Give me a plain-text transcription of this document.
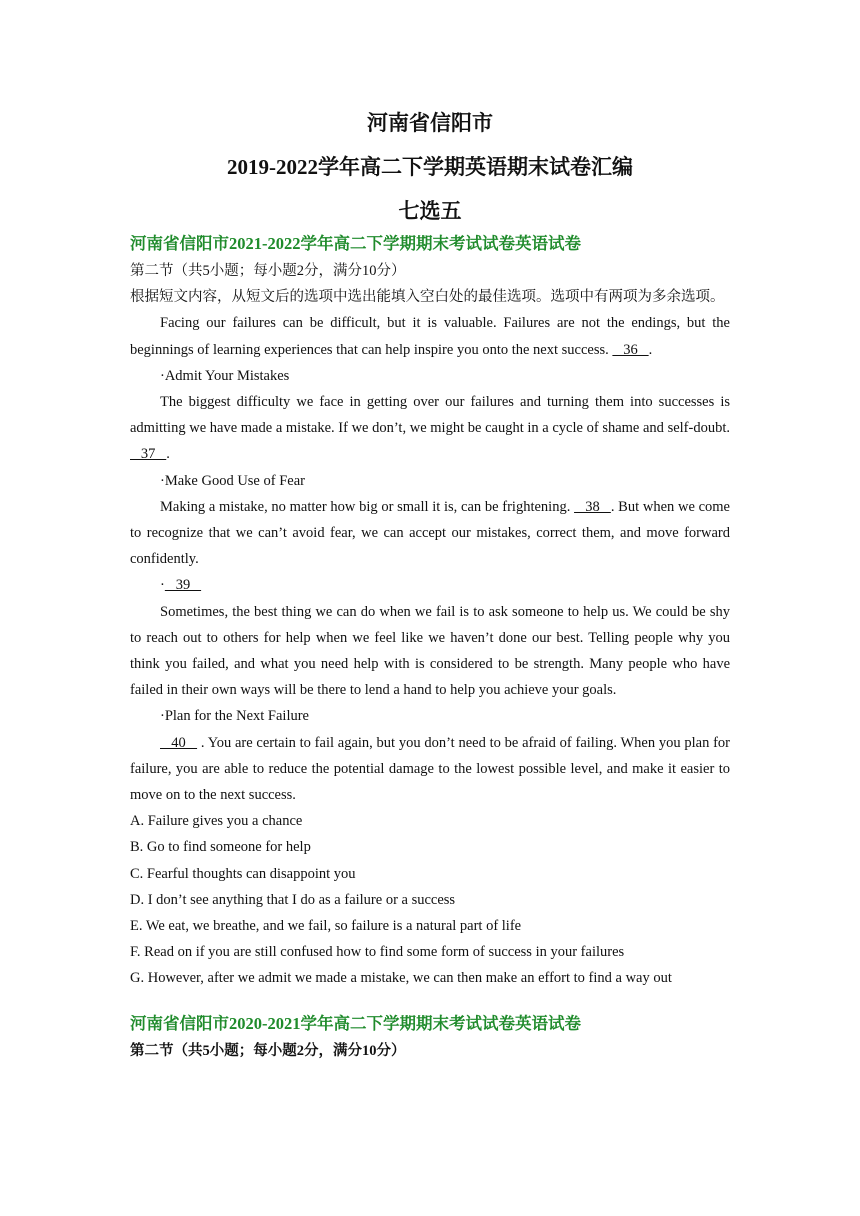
河南省信阳市

2019-2022学年高二下学期英语期末试卷汇编

七选五

河南省信阳市2021-2022学年高二下学期期末考试试卷英语试卷

第二节（共5小题；每小题2分，满分10分）

根据短文内容，从短文后的选项中选出能填入空白处的最佳选项。选项中有两项为多余选项。

Facing our failures can be difficult, but it is valuable. Failures are not the endings, but the beginnings of learning experiences that can help inspire you onto the next success.    36   .

·Admit Your Mistakes

The biggest difficulty we face in getting over our failures and turning them into successes is admitting we have made a mistake. If we don’t, we might be caught in a cycle of shame and self-doubt.    37   .

·Make Good Use of Fear

Making a mistake, no matter how big or small it is, can be frightening.    38   . But when we come to recognize that we can’t avoid fear, we can accept our mistakes, correct them, and move forward confidently.

·   39

Sometimes, the best thing we can do when we fail is to ask someone to help us. We could be shy to reach out to others for help when we feel like we haven’t done our best. Telling people why you think you failed, and what you need help with is considered to be strength. Many people who have failed in their own ways will be there to lend a hand to help you achieve your goals.

·Plan for the Next Failure

40    . You are certain to fail again, but you don’t need to be afraid of failing. When you plan for failure, you are able to reduce the potential damage to the lowest possible level, and make it easier to move on to the next success.

A. Failure gives you a chance

B. Go to find someone for help

C. Fearful thoughts can disappoint you

D. I don’t see anything that I do as a failure or a success

E. We eat, we breathe, and we fail, so failure is a natural part of life

F. Read on if you are still confused how to find some form of success in your failures

G. However, after we admit we made a mistake, we can then make an effort to find a way out

河南省信阳市2020-2021学年高二下学期期末考试试卷英语试卷

第二节（共5小题；每小题2分，满分10分）
